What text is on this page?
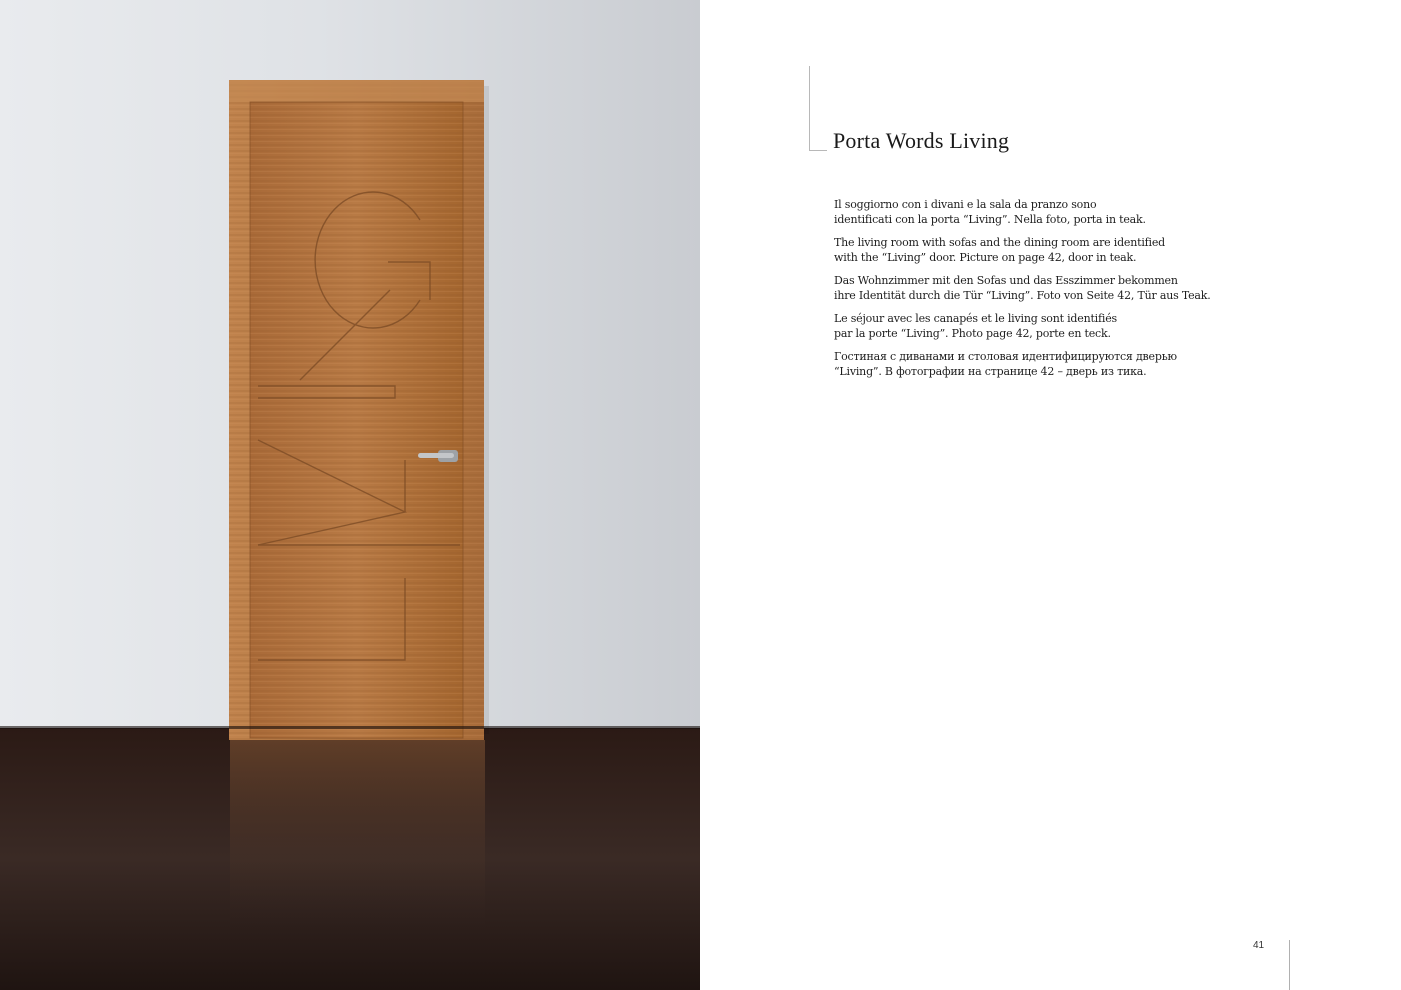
Porta Words Living

Il soggiorno con i divani e la sala da pranzo sono
identificati con la porta “Living”. Nella foto, porta in teak.

The living room with sofas and the dining room are identified
with the “Living” door. Picture on page 42, door in teak.

Das Wohnzimmer mit den Sofas und das Esszimmer bekommen
ihre Identität durch die Tür “Living”. Foto von Seite 42, Tür aus Teak.

Le séjour avec les canapés et le living sont identifiés
par la porte “Living”. Photo page 42, porte en teck.

Гостиная с диванами и столовая идентифицируются дверью
“Living”. В фотографии на странице 42 – дверь из тика.

41
